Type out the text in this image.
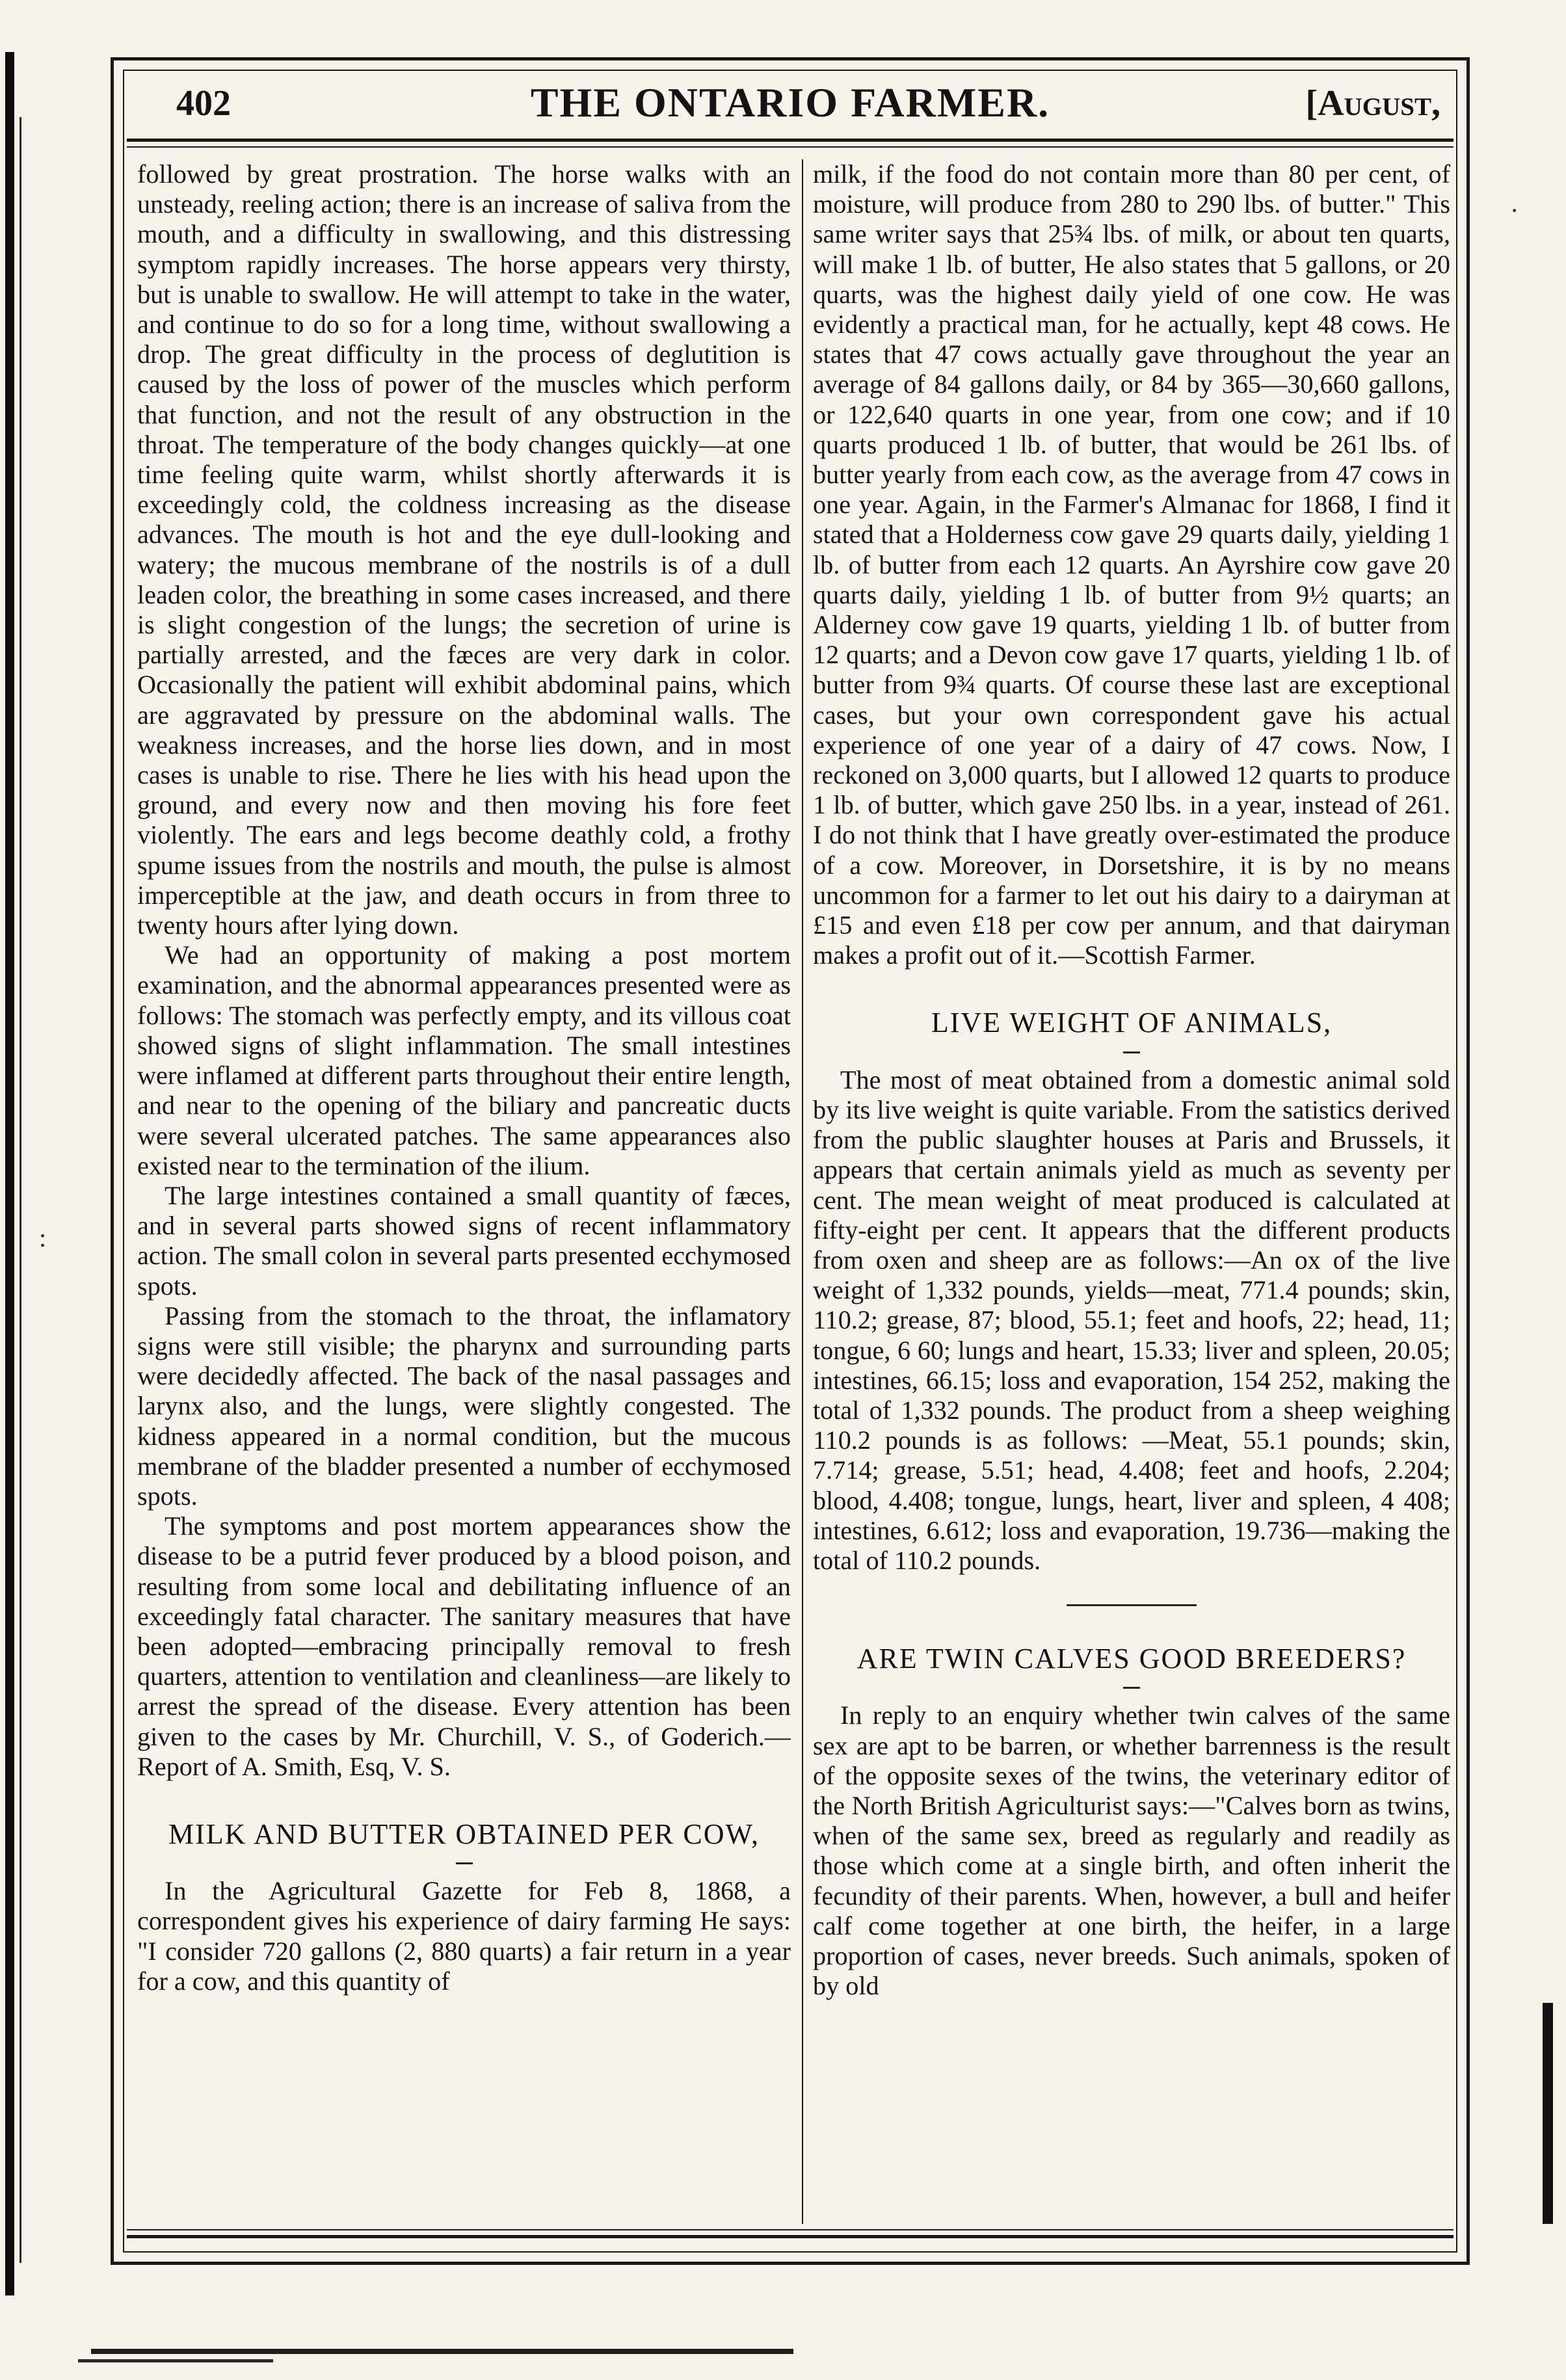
:
·
402	THE ONTARIO FARMER.	[August,

followed by great prostration. The horse walks with an unsteady, reeling action; there is an increase of saliva from the mouth, and a difficulty in swallowing, and this distressing symptom rapidly increases. The horse appears very thirsty, but is unable to swallow. He will attempt to take in the water, and continue to do so for a long time, without swallowing a drop. The great difficulty in the process of deglutition is caused by the loss of power of the muscles which perform that function, and not the result of any obstruction in the throat. The temperature of the body changes quickly—at one time feeling quite warm, whilst shortly afterwards it is exceedingly cold, the coldness increasing as the disease advances. The mouth is hot and the eye dull-looking and watery; the mucous membrane of the nostrils is of a dull leaden color, the breathing in some cases increased, and there is slight congestion of the lungs; the secretion of urine is partially arrested, and the fæces are very dark in color. Occasionally the patient will exhibit abdominal pains, which are aggravated by pressure on the abdominal walls. The weakness increases, and the horse lies down, and in most cases is unable to rise. There he lies with his head upon the ground, and every now and then moving his fore feet violently. The ears and legs become deathly cold, a frothy spume issues from the nostrils and mouth, the pulse is almost imperceptible at the jaw, and death occurs in from three to twenty hours after lying down.

We had an opportunity of making a post mortem examination, and the abnormal appearances presented were as follows: The stomach was perfectly empty, and its villous coat showed signs of slight inflammation. The small intestines were inflamed at different parts throughout their entire length, and near to the opening of the biliary and pancreatic ducts were several ulcerated patches. The same appearances also existed near to the termination of the ilium.

The large intestines contained a small quantity of fæces, and in several parts showed signs of recent inflammatory action. The small colon in several parts presented ecchymosed spots.

Passing from the stomach to the throat, the inflamatory signs were still visible; the pharynx and surrounding parts were decidedly affected. The back of the nasal passages and larynx also, and the lungs, were slightly congested. The kidness appeared in a normal condition, but the mucous membrane of the bladder presented a number of ecchymosed spots.

The symptoms and post mortem appearances show the disease to be a putrid fever produced by a blood poison, and resulting from some local and debilitating influence of an exceedingly fatal character. The sanitary measures that have been adopted—embracing principally removal to fresh quarters, attention to ventilation and cleanliness—are likely to arrest the spread of the disease. Every attention has been given to the cases by Mr. Churchill, V. S., of Goderich.—Report of A. Smith, Esq, V. S.

MILK AND BUTTER OBTAINED PER COW,

In the Agricultural Gazette for Feb 8, 1868, a correspondent gives his experience of dairy farming He says: "I consider 720 gallons (2, 880 quarts) a fair return in a year for a cow, and this quantity of

milk, if the food do not contain more than 80 per cent, of moisture, will produce from 280 to 290 lbs. of butter." This same writer says that 25¾ lbs. of milk, or about ten quarts, will make 1 lb. of butter, He also states that 5 gallons, or 20 quarts, was the highest daily yield of one cow. He was evidently a practical man, for he actually, kept 48 cows. He states that 47 cows actually gave throughout the year an average of 84 gallons daily, or 84 by 365—30,660 gallons, or 122,640 quarts in one year, from one cow; and if 10 quarts produced 1 lb. of butter, that would be 261 lbs. of butter yearly from each cow, as the average from 47 cows in one year. Again, in the Farmer's Almanac for 1868, I find it stated that a Holderness cow gave 29 quarts daily, yielding 1 lb. of butter from each 12 quarts. An Ayrshire cow gave 20 quarts daily, yielding 1 lb. of butter from 9½ quarts; an Alderney cow gave 19 quarts, yielding 1 lb. of butter from 12 quarts; and a Devon cow gave 17 quarts, yielding 1 lb. of butter from 9¾ quarts. Of course these last are exceptional cases, but your own correspondent gave his actual experience of one year of a dairy of 47 cows. Now, I reckoned on 3,000 quarts, but I allowed 12 quarts to produce 1 lb. of butter, which gave 250 lbs. in a year, instead of 261. I do not think that I have greatly over-estimated the produce of a cow. Moreover, in Dorsetshire, it is by no means uncommon for a farmer to let out his dairy to a dairyman at £15 and even £18 per cow per annum, and that dairyman makes a profit out of it.—Scottish Farmer.

LIVE WEIGHT OF ANIMALS,

The most of meat obtained from a domestic animal sold by its live weight is quite variable. From the satistics derived from the public slaughter houses at Paris and Brussels, it appears that certain animals yield as much as seventy per cent. The mean weight of meat produced is calculated at fifty-eight per cent. It appears that the different products from oxen and sheep are as follows:—An ox of the live weight of 1,332 pounds, yields—meat, 771.4 pounds; skin, 110.2; grease, 87; blood, 55.1; feet and hoofs, 22; head, 11; tongue, 6 60; lungs and heart, 15.33; liver and spleen, 20.05; intestines, 66.15; loss and evaporation, 154 252, making the total of 1,332 pounds. The product from a sheep weighing 110.2 pounds is as follows: —Meat, 55.1 pounds; skin, 7.714; grease, 5.51; head, 4.408; feet and hoofs, 2.204; blood, 4.408; tongue, lungs, heart, liver and spleen, 4 408; intestines, 6.612; loss and evaporation, 19.736—making the total of 110.2 pounds.

ARE TWIN CALVES GOOD BREEDERS?

In reply to an enquiry whether twin calves of the same sex are apt to be barren, or whether barrenness is the result of the opposite sexes of the twins, the veterinary editor of the North British Agriculturist says:—"Calves born as twins, when of the same sex, breed as regularly and readily as those which come at a single birth, and often inherit the fecundity of their parents. When, however, a bull and heifer calf come together at one birth, the heifer, in a large proportion of cases, never breeds. Such animals, spoken of by old
